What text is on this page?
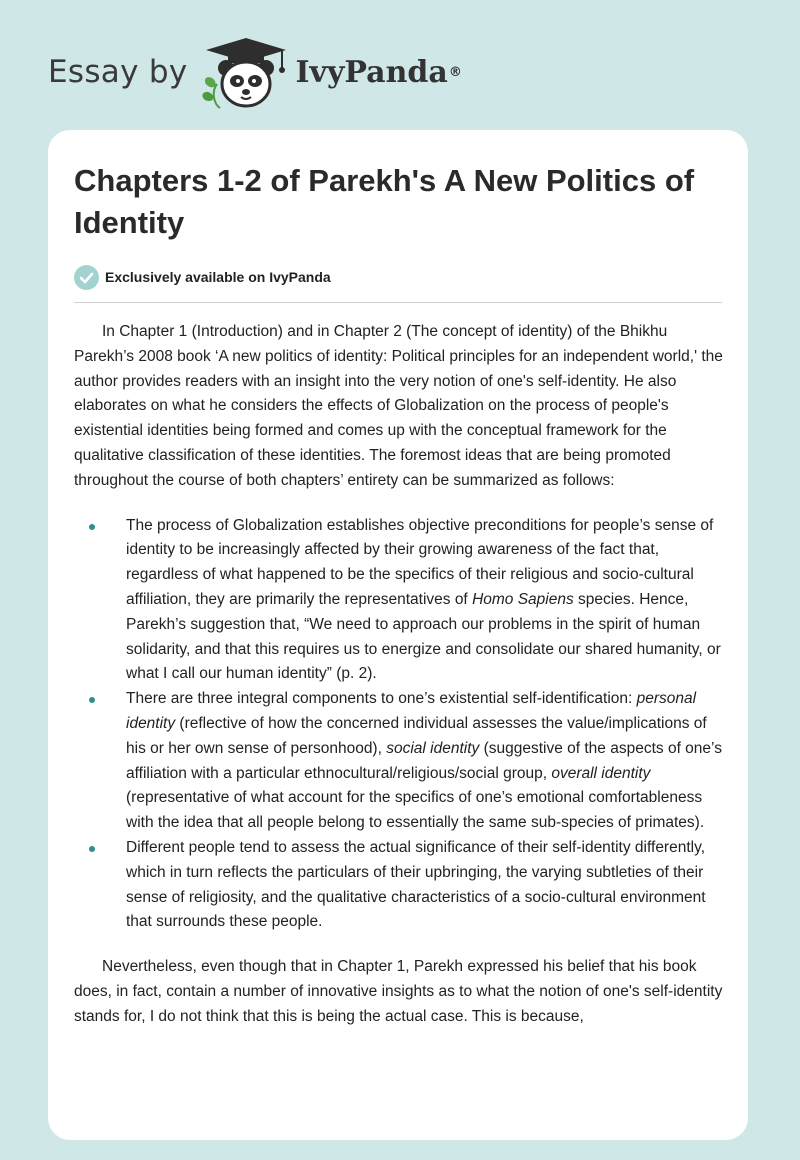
Essay by	IvyPanda ®
Chapters 1-2 of Parekh's A New Politics of Identity
Exclusively available on IvyPanda

In Chapter 1 (Introduction) and in Chapter 2 (The concept of identity) of the Bhikhu Parekh’s 2008 book ‘A new politics of identity: Political principles for an independent world,' the author provides readers with an insight into the very notion of one's self-identity. He also elaborates on what he considers the effects of Globalization on the process of people's existential identities being formed and comes up with the conceptual framework for the qualitative classification of these identities. The foremost ideas that are being promoted throughout the course of both chapters’ entirety can be summarized as follows:

The process of Globalization establishes objective preconditions for people’s sense of identity to be increasingly affected by their growing awareness of the fact that, regardless of what happened to be the specifics of their religious and socio-cultural affiliation, they are primarily the representatives of Homo Sapiens species. Hence, Parekh’s suggestion that, “We need to approach our problems in the spirit of human solidarity, and that this requires us to energize and consolidate our shared humanity, or what I call our human identity” (p. 2).
There are three integral components to one’s existential self-identification: personal identity (reflective of how the concerned individual assesses the value/implications of his or her own sense of personhood), social identity (suggestive of the aspects of one’s affiliation with a particular ethnocultural/religious/social group, overall identity (representative of what account for the specifics of one’s emotional comfortableness with the idea that all people belong to essentially the same sub-species of primates).
Different people tend to assess the actual significance of their self-identity differently, which in turn reflects the particulars of their upbringing, the varying subtleties of their sense of religiosity, and the qualitative characteristics of a socio-cultural environment that surrounds these people.

Nevertheless, even though that in Chapter 1, Parekh expressed his belief that his book does, in fact, contain a number of innovative insights as to what the notion of one's self-identity stands for, I do not think that this is being the actual case. This is because,
